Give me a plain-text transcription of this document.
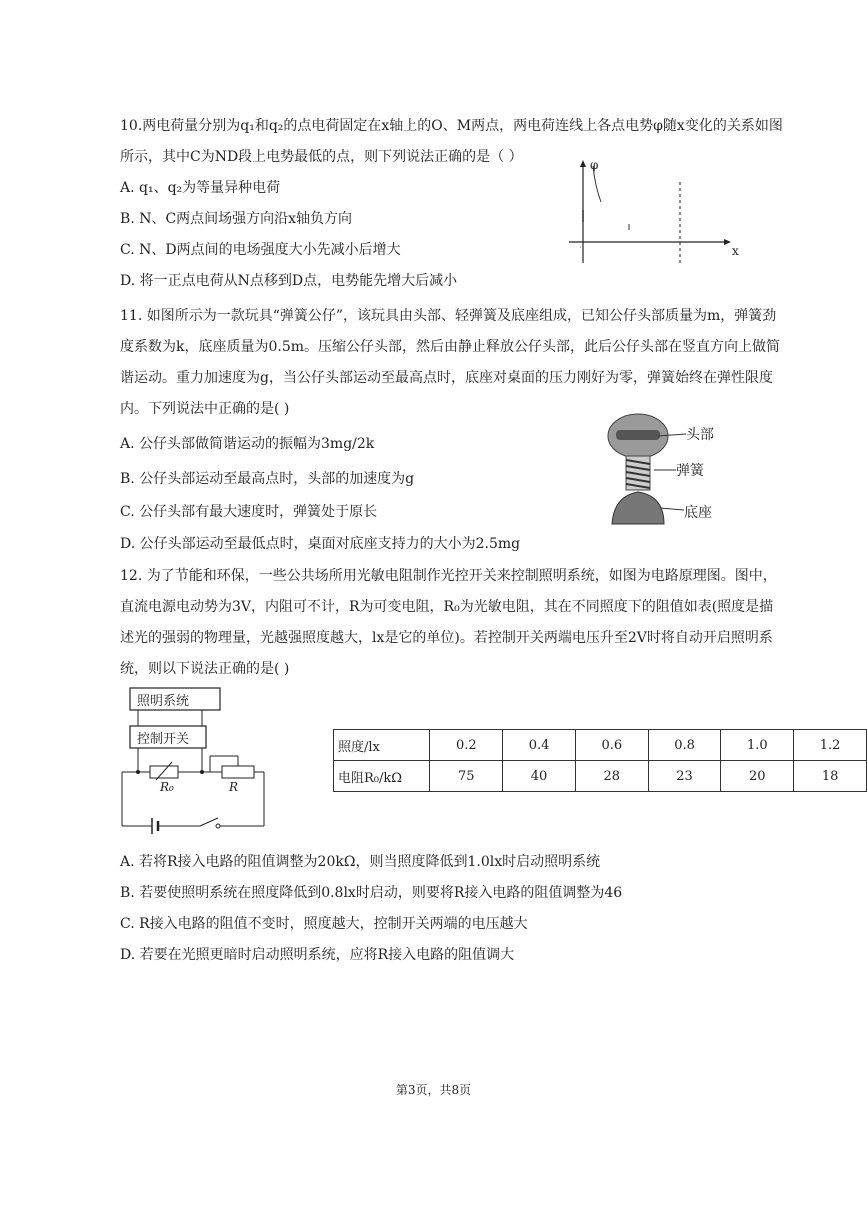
10.两电荷量分别为q₁和q₂的点电荷固定在x轴上的O、M两点，两电荷连线上各点电势φ随x变化的关系如图
所示，其中C为ND段上电势最低的点，则下列说法正确的是（ ）
A. q₁、q₂为等量异种电荷
B. N、C两点间场强方向沿x轴负方向
C. N、D两点间的电场强度大小先减小后增大
D. 将一正点电荷从N点移到D点，电势能先增大后减小
·
φ
x
11. 如图所示为一款玩具“弹簧公仔”，该玩具由头部、轻弹簧及底座组成，已知公仔头部质量为m，弹簧劲
度系数为k，底座质量为0.5m。压缩公仔头部，然后由静止释放公仔头部，此后公仔头部在竖直方向上做简
谐运动。重力加速度为g，当公仔头部运动至最高点时，底座对桌面的压力刚好为零，弹簧始终在弹性限度
内。下列说法中正确的是( )
A. 公仔头部做简谐运动的振幅为3mg/2k
B. 公仔头部运动至最高点时，头部的加速度为g
C. 公仔头部有最大速度时，弹簧处于原长
D. 公仔头部运动至最低点时，桌面对底座支持力的大小为2.5mg
头部
弹簧
底座
12. 为了节能和环保，一些公共场所用光敏电阻制作光控开关来控制照明系统，如图为电路原理图。图中，
直流电源电动势为3V，内阻可不计，R为可变电阻，R₀为光敏电阻，其在不同照度下的阻值如表(照度是描
述光的强弱的物理量，光越强照度越大，lx是它的单位)。若控制开关两端电压升至2V时将自动开启照明系
统，则以下说法正确的是( )
照明系统
控制开关
R₀	R
照度/lx	0.2	0.4	0.6	0.8	1.0	1.2
电阻R₀/kΩ	75	40	28	23	20	18
A. 若将R接入电路的阻值调整为20kΩ，则当照度降低到1.0lx时启动照明系统
B. 若要使照明系统在照度降低到0.8lx时启动，则要将R接入电路的阻值调整为46
C. R接入电路的阻值不变时，照度越大，控制开关两端的电压越大
D. 若要在光照更暗时启动照明系统，应将R接入电路的阻值调大
第3页，共8页
